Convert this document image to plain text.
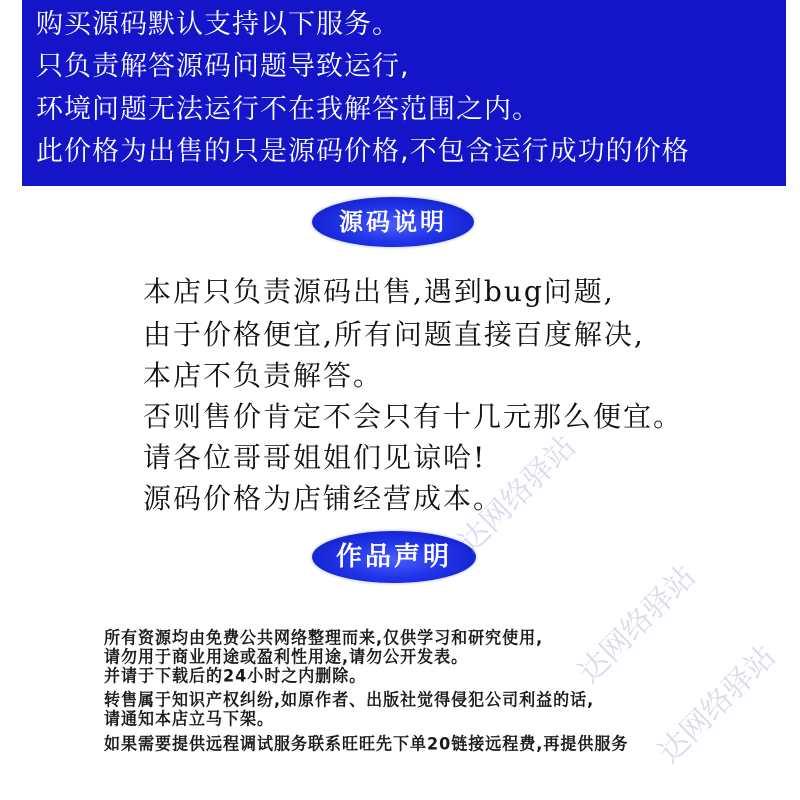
购买源码默认支持以下服务。
只负责解答源码问题导致运行,
环境问题无法运行不在我解答范围之内。
此价格为出售的只是源码价格,不包含运行成功的价格
源码说明
本店只负责源码出售,遇到bug问题,
由于价格便宜,所有问题直接百度解决,
本店不负责解答。
否则售价肯定不会只有十几元那么便宜。
请各位哥哥姐姐们见谅哈!
源码价格为店铺经营成本。
作品声明
所有资源均由免费公共网络整理而来,仅供学习和研究使用,
请勿用于商业用途或盈利性用途,请勿公开发表。
并请于下载后的24小时之内删除。
转售属于知识产权纠纷,如原作者、出版社觉得侵犯公司利益的话,
请通知本店立马下架。
如果需要提供远程调试服务联系旺旺先下单20链接远程费,再提供服务
达网络驿站
达网络驿站
达网络驿站
